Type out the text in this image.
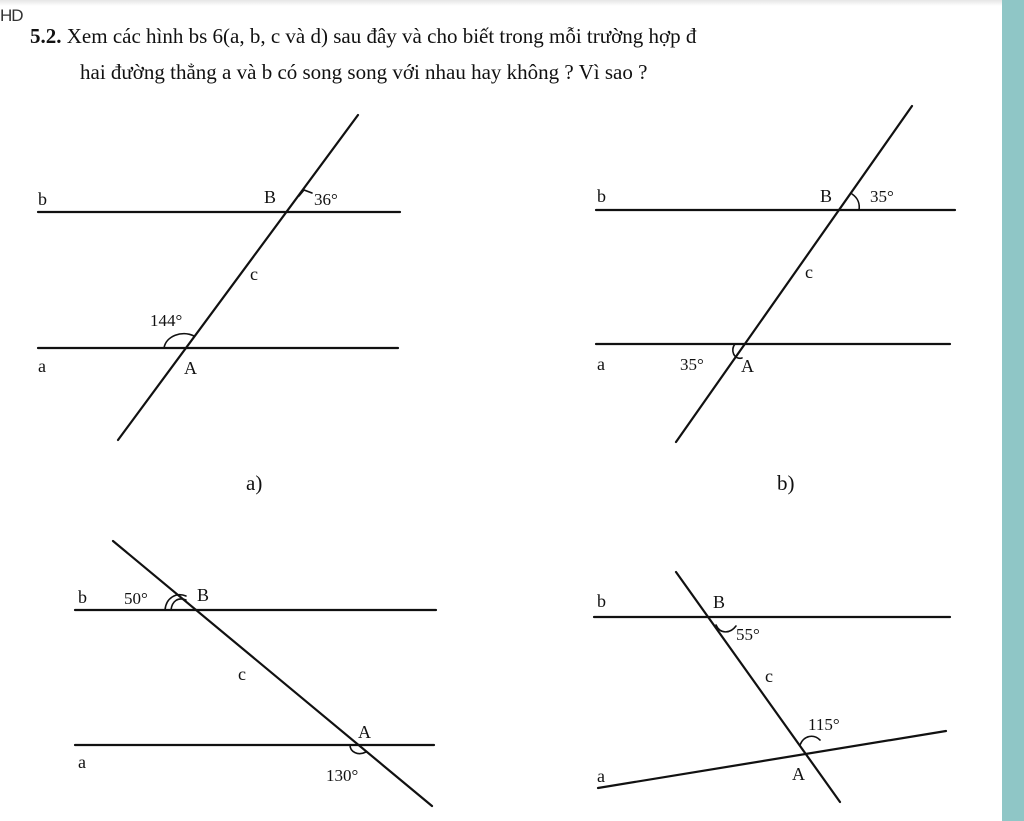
HD
5.2. Xem các hình bs 6(a, b, c và d) sau đây và cho biết trong mỗi trường hợp đ
hai đường thẳng a và b có song song với nhau hay không ? Vì sao ?
b
a
c
B
A
36°
144°
a)
b
a
c
B
A
35°
35°
b)
b
a
c
B
A
50°
130°
b
a
c
B
A
55°
115°
